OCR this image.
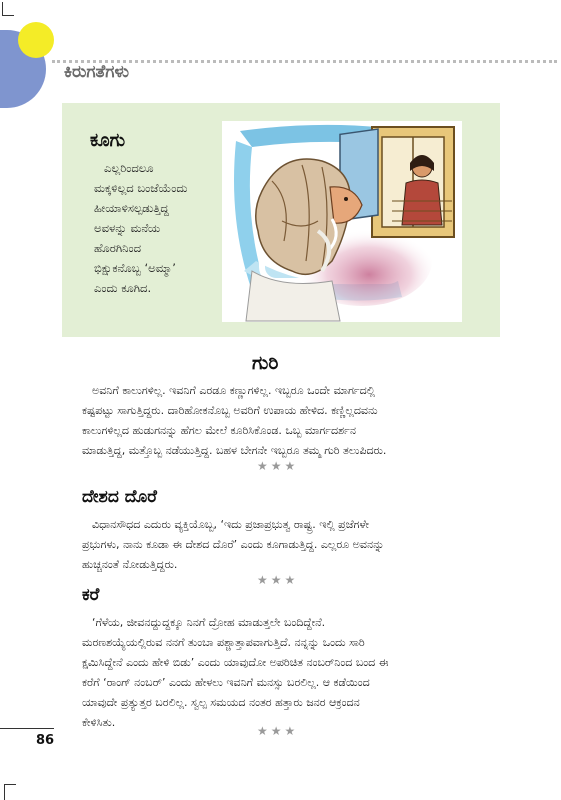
ಕಿರುಗತೆಗಳು
ಕೂಗು
ಎಲ್ಲರಿಂದಲೂ
ಮಕ್ಕಳಿಲ್ಲದ ಬಂಜೆಯೆಂದು
ಹೀಯಾಳಿಸಲ್ಪಡುತ್ತಿದ್ದ
ಅವಳನ್ನು ಮನೆಯ
ಹೊರಗಿನಿಂದ
ಭಿಕ್ಷುಕನೊಬ್ಬ ‘ಅಮ್ಮಾ’
ಎಂದು ಕೂಗಿದ.
ಗುರಿ
ಅವನಿಗೆ ಕಾಲುಗಳಿಲ್ಲ. ಇವನಿಗೆ ಎರಡೂ ಕಣ್ಣುಗಳಿಲ್ಲ. ಇಬ್ಬರೂ ಒಂದೇ ಮಾರ್ಗದಲ್ಲಿ
ಕಷ್ಟಪಟ್ಟು ಸಾಗುತ್ತಿದ್ದರು. ದಾರಿಹೋಕನೊಬ್ಬ ಅವರಿಗೆ ಉಪಾಯ ಹೇಳಿದ. ಕಣ್ಣಿಲ್ಲದವನು
ಕಾಲುಗಳಿಲ್ಲದ ಹುಡುಗನನ್ನು ಹೆಗಲ ಮೇಲೆ ಕೂರಿಸಿಕೊಂಡ. ಒಬ್ಬ ಮಾರ್ಗದರ್ಶನ
ಮಾಡುತ್ತಿದ್ದ, ಮತ್ತೊಬ್ಬ ನಡೆಯುತ್ತಿದ್ದ. ಬಹಳ ಬೇಗನೇ ಇಬ್ಬರೂ ತಮ್ಮ ಗುರಿ ತಲುಪಿದರು.
★★★
ದೇಶದ ದೊರೆ
ವಿಧಾನಸೌಧದ ಎದುರು ವ್ಯಕ್ತಿಯೊಬ್ಬ, ‘ಇದು ಪ್ರಜಾಪ್ರಭುತ್ವ ರಾಷ್ಟ್ರ. ಇಲ್ಲಿ ಪ್ರಜೆಗಳೇ
ಪ್ರಭುಗಳು, ನಾನು ಕೂಡಾ ಈ ದೇಶದ ದೊರೆ’ ಎಂದು ಕೂಗಾಡುತ್ತಿದ್ದ. ಎಲ್ಲರೂ ಅವನನ್ನು
ಹುಚ್ಚನಂತೆ ನೋಡುತ್ತಿದ್ದರು.
★★★
ಕರೆ
‘ಗೆಳೆಯ, ಜೀವನದ್ದುದ್ದಕ್ಕೂ ನಿನಗೆ ದ್ರೋಹ ಮಾಡುತ್ತಲೇ ಬಂದಿದ್ದೇನೆ.
ಮರಣಶಯ್ಯೆಯಲ್ಲಿರುವ ನನಗೆ ತುಂಬಾ ಪಶ್ಚಾತ್ತಾಪವಾಗುತ್ತಿದೆ. ನನ್ನನ್ನು ಒಂದು ಸಾರಿ
ಕ್ಷಮಿಸಿದ್ದೇನೆ ಎಂದು ಹೇಳಿ ಬಿಡು’ ಎಂದು ಯಾವುದೋ ಅಪರಿಚಿತ ನಂಬರ್‌ನಿಂದ ಬಂದ ಈ
ಕರೆಗೆ ‘ರಾಂಗ್ ನಂಬರ್’ ಎಂದು ಹೇಳಲು ಇವನಿಗೆ ಮನಸ್ಸು ಬರಲಿಲ್ಲ. ಆ ಕಡೆಯಿಂದ
ಯಾವುದೇ ಪ್ರತ್ಯುತ್ತರ ಬರಲಿಲ್ಲ. ಸ್ವಲ್ಪ ಸಮಯದ ನಂತರ ಹತ್ತಾರು ಜನರ ಆಕ್ರಂದನ
ಕೇಳಿಸಿತು.
★★★
86
